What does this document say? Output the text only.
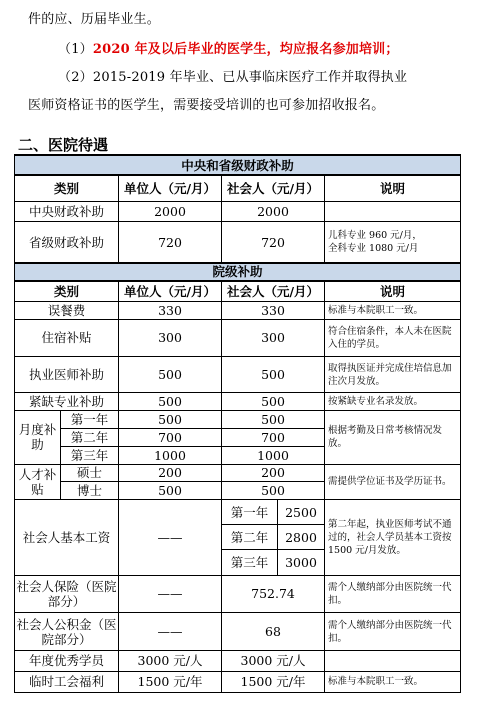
件的应、历届毕业生。
（1）2020 年及以后毕业的医学生，均应报名参加培训；
（2）2015-2019 年毕业、已从事临床医疗工作并取得执业
医师资格证书的医学生，需要接受培训的也可参加招收报名。
二、医院待遇
中央和省级财政补助			
类别	单位人（元/月）	社会人（元/月）	说明
中央财政补助	2000	2000	
省级财政补助	720	720	儿科专业 960 元/月，
全科专业 1080 元/月
院级补助					
类别		单位人（元/月）	社会人（元/月）		说明
误餐费		330	330		标准与本院职工一致。
住宿补贴		300	300		符合住宿条件，本人未在医院入住的学员。
执业医师补助		500	500		取得执医证并完成住培信息加注次月发放。
紧缺专业补助		500	500		按紧缺专业名录发放。
月度补助	第一年	500	500		根据考勤及日常考核情况发放。
	第二年	700	700		
	第三年	1000	1000		
人才补贴	硕士	200	200		需提供学位证书及学历证书。
	博士	500	500		
社会人基本工资		——	第一年	2500	第二年起，执业医师考试不通过的，社会人学员基本工资按 1500 元/月发放。
			第二年	2800	
			第三年	3000	
社会人保险（医院部分）		——	752.74		需个人缴纳部分由医院统一代扣。
社会人公积金（医院部分）		——	68		需个人缴纳部分由医院统一代扣。
年度优秀学员		3000 元/人	3000 元/人		
临时工会福利		1500 元/年	1500 元/年		标准与本院职工一致。
